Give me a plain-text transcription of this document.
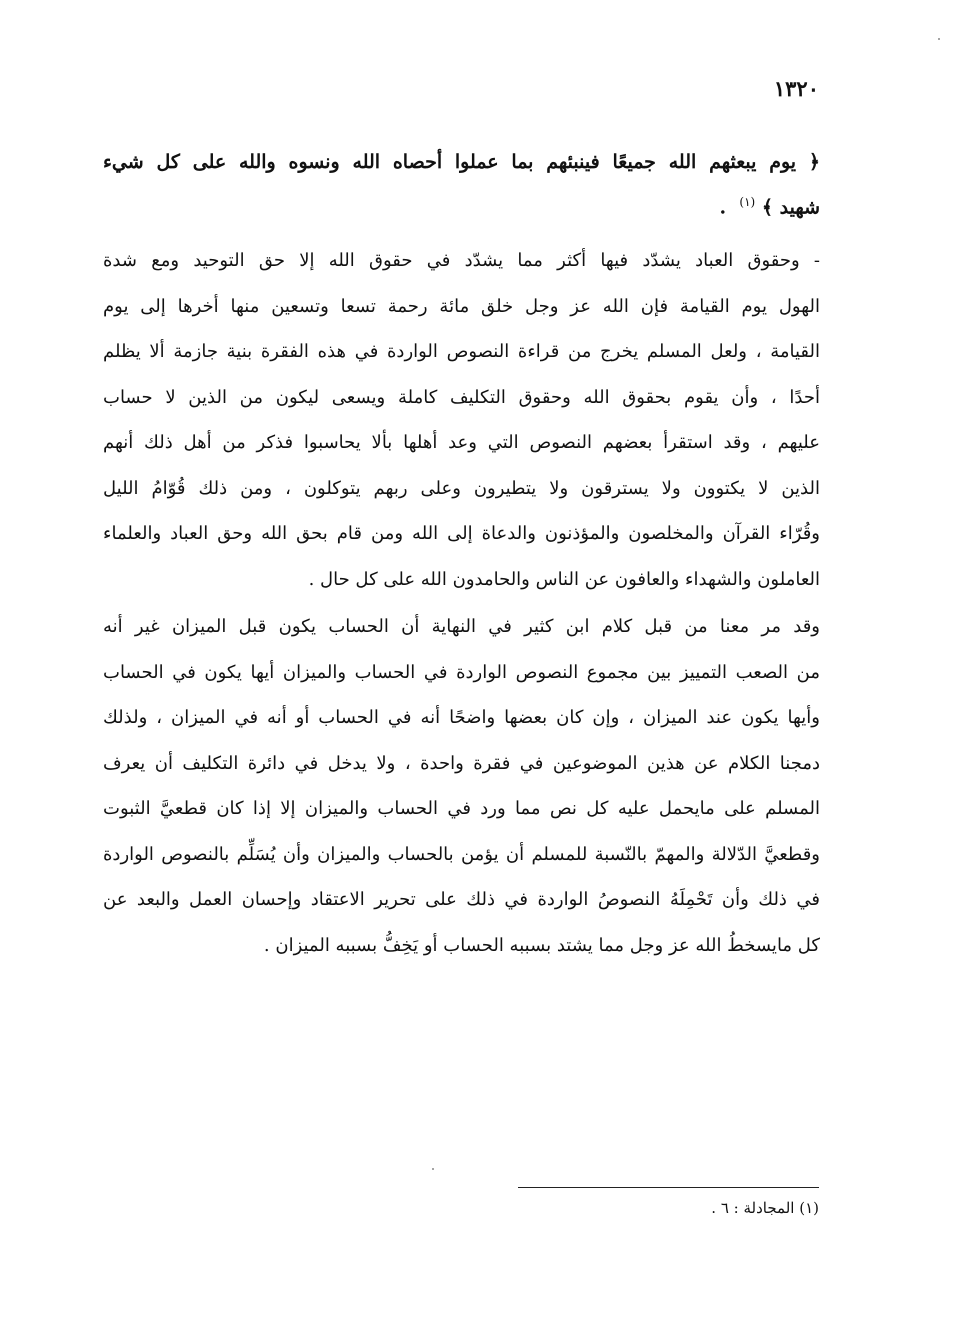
١٣٢٠
﴿ يوم يبعثهم الله جميعًا فينبئهم بما عملوا أحصاه الله ونسوه والله على كل شيء
شهيد ﴾ $^{(١)}$  .
- وحقوق العباد يشدّد فيها أكثر مما يشدّد في حقوق الله إلا حق التوحيد ومع شدة
الهول يوم القيامة فإن الله عز وجل خلق مائة رحمة تسعا وتسعين منها أخرها إلى يوم
القيامة ، ولعل المسلم يخرج من قراءة النصوص الواردة في هذه الفقرة بنية جازمة ألا يظلم
أحدًا ، وأن يقوم بحقوق الله وحقوق التكليف كاملة ويسعى ليكون من الذين لا حساب
عليهم ، وقد استقرأ بعضهم النصوص التي وعد أهلها بألا يحاسبوا فذكر من أهل ذلك أنهم
الذين لا يكتوون ولا يسترقون ولا يتطيرون وعلى ربهم يتوكلون ، ومن ذلك قُوّامُ الليل
وقُرّاء القرآن والمخلصون والمؤذنون والدعاة إلى الله ومن قام بحق الله وحق العباد والعلماء
العاملون والشهداء والعافون عن الناس والحامدون الله على كل حال .
وقد مر معنا من قبل كلام ابن كثير في النهاية أن الحساب يكون قبل الميزان غير أنه
من الصعب التمييز بين مجموع النصوص الواردة في الحساب والميزان أيها يكون في الحساب
وأيها يكون عند الميزان ، وإن كان بعضها واضحًا أنه في الحساب أو أنه في الميزان ، ولذلك
دمجنا الكلام عن هذين الموضوعين في فقرة واحدة ، ولا يدخل في دائرة التكليف أن يعرف
المسلم على مايحمل عليه كل نص مما ورد في الحساب والميزان إلا إذا كان قطعيَّ الثبوت
وقطعيَّ الدّلالة والمهمّ بالنّسبة للمسلم أن يؤمن بالحساب والميزان وأن يُسَلِّم بالنصوص الواردة
في ذلك وأن تَحْمِلَهُ النصوصُ الواردة في ذلك على تحرير الاعتقاد وإحسان العمل والبعد عن
كل مايسخطُ الله عز وجل مما يشتد بسببه الحساب أو يَخِفُّ بسببه الميزان .
(١) المجادلة : ٦ .
